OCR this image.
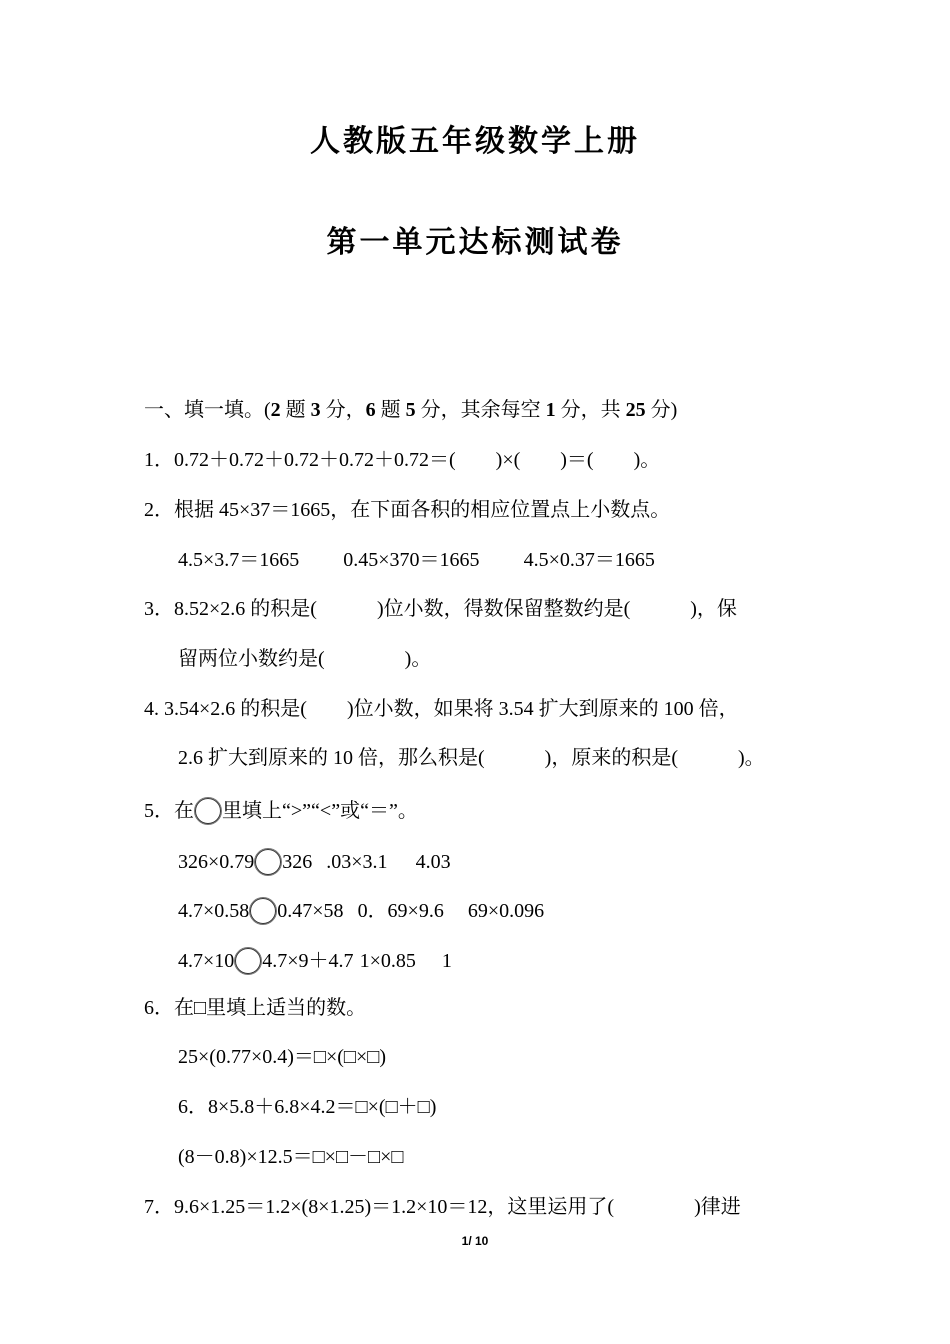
人教版五年级数学上册
第一单元达标测试卷
一、填一填。(2 题 3 分，6 题 5 分，其余每空 1 分，共 25 分)
1．0.72＋0.72＋0.72＋0.72＋0.72＝(　　)×(　　)＝(　　)。
2．根据 45×37＝1665，在下面各积的相应位置点上小数点。
4.5×3.7＝1665 0.45×370＝1665 4.5×0.37＝1665
3．8.52×2.6 的积是(　　　)位小数，得数保留整数约是(　　　)，保
留两位小数约是(　　　　)。
4. 3.54×2.6 的积是(　　)位小数，如果将 3.54 扩大到原来的 100 倍，
2.6 扩大到原来的 10 倍，那么积是(　　　)，原来的积是(　　　)。
5．在 里填上“>”“<”或“＝”。
326×0.79 326 .03×3.1 4.03
4.7×0.58 0.47×58 0．69×9.6 69×0.096
4.7×10 4.7×9＋4.7 1×0.85 1
6．在□里填上适当的数。
25×(0.77×0.4)＝□×(□×□)
6．8×5.8＋6.8×4.2＝□×(□＋□)
(8－0.8)×12.5＝□×□－□×□
7．9.6×1.25＝1.2×(8×1.25)＝1.2×10＝12，这里运用了(　　　　)律进
1/ 10
